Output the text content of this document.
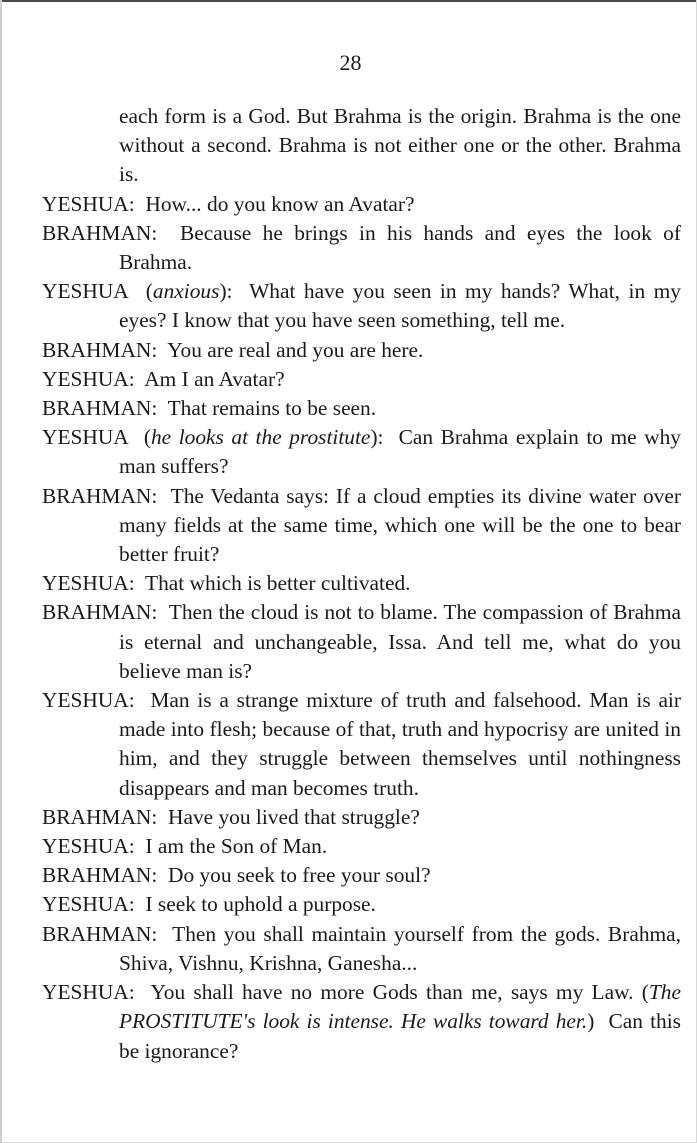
28

each form is a God. But Brahma is the origin. Brahma is the one without a second. Brahma is not either one or the other. Brahma is.

YESHUA: How... do you know an Avatar?

BRAHMAN: Because he brings in his hands and eyes the look of Brahma.

YESHUA  (anxious):  What have you seen in my hands? What, in my eyes? I know that you have seen something, tell me.

BRAHMAN: You are real and you are here.

YESHUA: Am I an Avatar?

BRAHMAN: That remains to be seen.

YESHUA  (he looks at the prostitute):  Can Brahma explain to me why man suffers?

BRAHMAN: The Vedanta says: If a cloud empties its divine water over many fields at the same time, which one will be the one to bear better fruit?

YESHUA: That which is better cultivated.

BRAHMAN: Then the cloud is not to blame. The compassion of Brahma is eternal and unchangeable, Issa. And tell me, what do you believe man is?

YESHUA: Man is a strange mixture of truth and falsehood. Man is air made into flesh; because of that, truth and hypocrisy are united in him, and they struggle between themselves until nothingness disappears and man becomes truth.

BRAHMAN: Have you lived that struggle?

YESHUA: I am the Son of Man.

BRAHMAN: Do you seek to free your soul?

YESHUA: I seek to uphold a purpose.

BRAHMAN: Then you shall maintain yourself from the gods. Brahma, Shiva, Vishnu, Krishna, Ganesha...

YESHUA: You shall have no more Gods than me, says my Law. (The PROSTITUTE's look is intense. He walks toward her.)  Can this be ignorance?
